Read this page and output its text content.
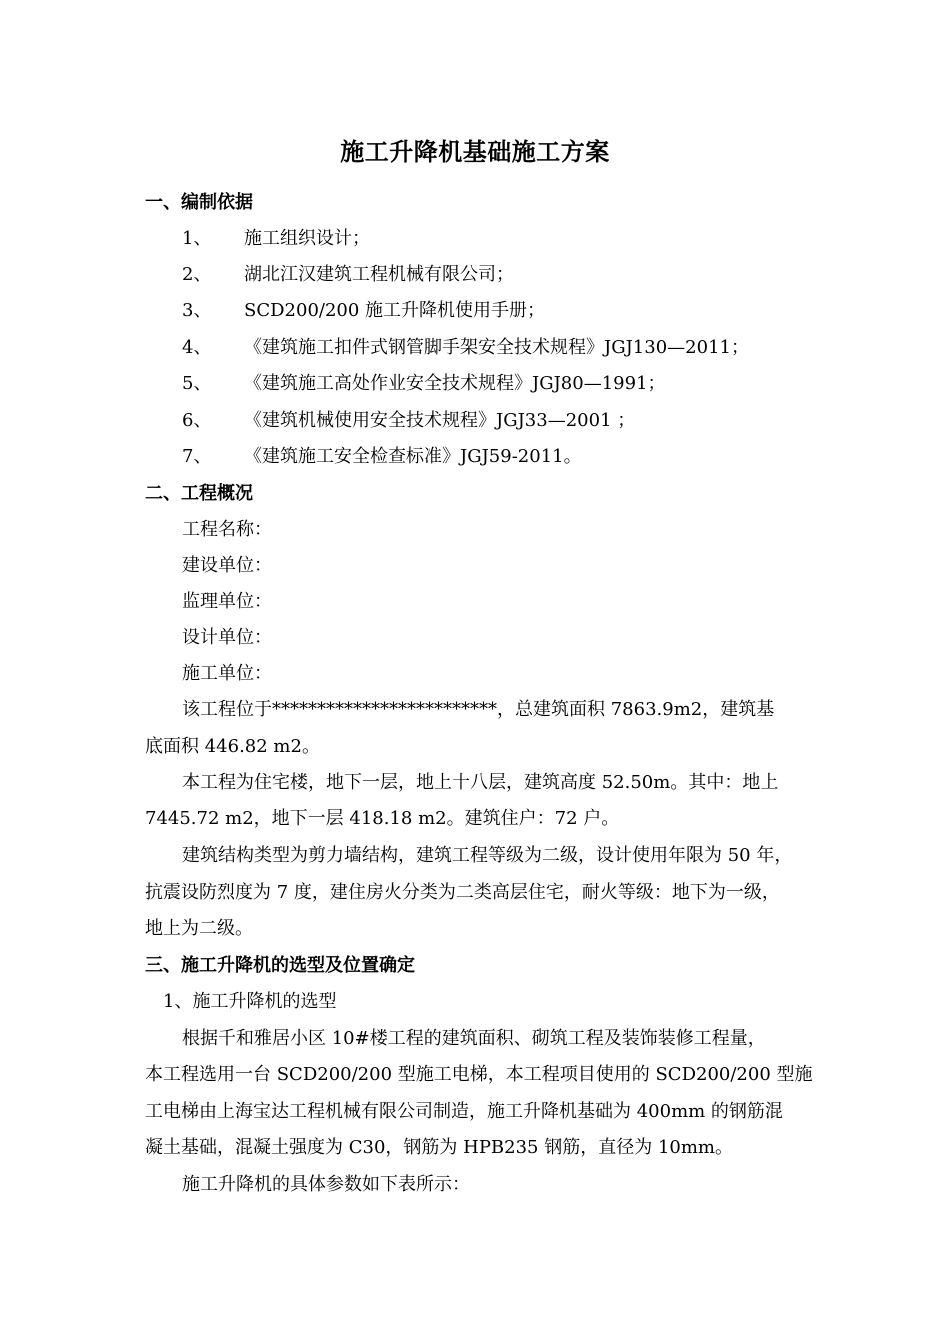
施工升降机基础施工方案
一、编制依据
1、 施工组织设计；
2、 湖北江汉建筑工程机械有限公司；
3、 SCD200/200 施工升降机使用手册；
4、 《建筑施工扣件式钢管脚手架安全技术规程》JGJ130—2011；
5、 《建筑施工高处作业安全技术规程》JGJ80—1991；
6、 《建筑机械使用安全技术规程》JGJ33—2001 ；
7、 《建筑施工安全检查标准》JGJ59-2011。
二、工程概况
工程名称：
建设单位：
监理单位：
设计单位：
施工单位：
该工程位于*************************，总建筑面积 7863.9m2，建筑基
底面积 446.82 m2。
本工程为住宅楼，地下一层，地上十八层，建筑高度 52.50m。其中：地上
7445.72 m2，地下一层 418.18 m2。建筑住户：72 户。
建筑结构类型为剪力墙结构，建筑工程等级为二级，设计使用年限为 50 年，
抗震设防烈度为 7 度，建住房火分类为二类高层住宅，耐火等级：地下为一级，
地上为二级。
三、施工升降机的选型及位置确定
1、施工升降机的选型
根据千和雅居小区 10#楼工程的建筑面积、砌筑工程及装饰装修工程量，
本工程选用一台 SCD200/200 型施工电梯，本工程项目使用的 SCD200/200 型施
工电梯由上海宝达工程机械有限公司制造，施工升降机基础为 400mm 的钢筋混
凝土基础，混凝土强度为 C30，钢筋为 HPB235 钢筋，直径为 10mm。
施工升降机的具体参数如下表所示：
